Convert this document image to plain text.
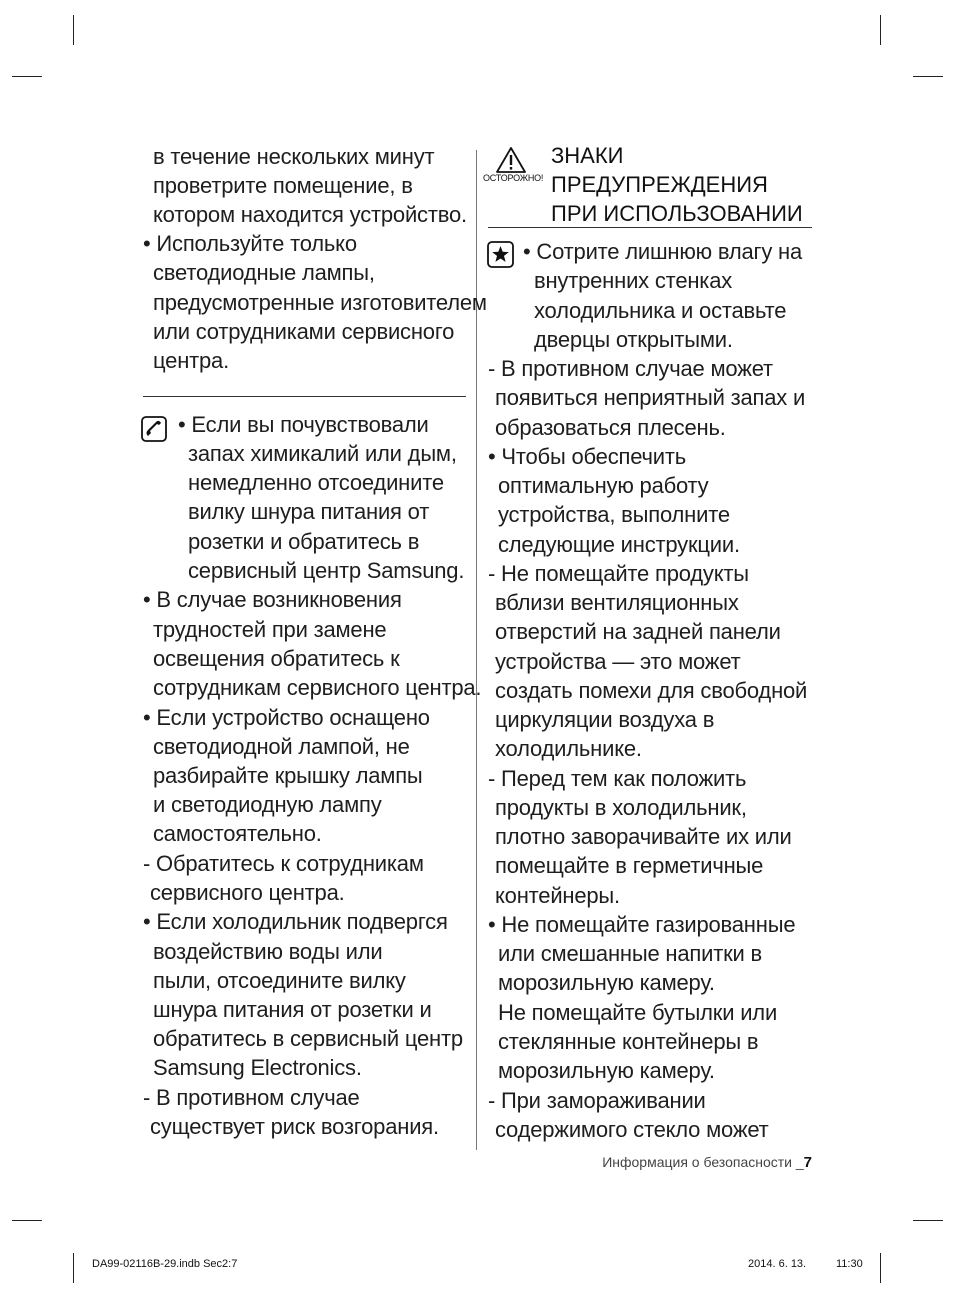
в течение нескольких минут
проветрите помещение, в
котором находится устройство.
• Используйте только
светодиодные лампы,
предусмотренные изготовителем
или сотрудниками сервисного
центра.
• Если вы почувствовали
запах химикалий или дым,
немедленно отсоедините
вилку шнура питания от
розетки и обратитесь в
сервисный центр Samsung.
• В случае возникновения
трудностей при замене
освещения обратитесь к
сотрудникам сервисного центра.
• Если устройство оснащено
светодиодной лампой, не
разбирайте крышку лампы
и светодиодную лампу
самостоятельно.
- Обратитесь к сотрудникам
сервисного центра.
• Если холодильник подвергся
воздействию воды или
пыли, отсоедините вилку
шнура питания от розетки и
обратитесь в сервисный центр
Samsung Electronics.
- В противном случае
существует риск возгорания.
ОСТОРОЖНО!
ЗНАКИ
ПРЕДУПРЕЖДЕНИЯ
ПРИ ИСПОЛЬЗОВАНИИ
• Сотрите лишнюю влагу на
внутренних стенках
холодильника и оставьте
дверцы открытыми.
- В противном случае может
появиться неприятный запах и
образоваться плесень.
• Чтобы обеспечить
оптимальную работу
устройства, выполните
следующие инструкции.
- Не помещайте продукты
вблизи вентиляционных
отверстий на задней панели
устройства — это может
создать помехи для свободной
циркуляции воздуха в
холодильнике.
- Перед тем как положить
продукты в холодильник,
плотно заворачивайте их или
помещайте в герметичные
контейнеры.
• Не помещайте газированные
или смешанные напитки в
морозильную камеру.
Не помещайте бутылки или
стеклянные контейнеры в
морозильную камеру.
- При замораживании
содержимого стекло может
Информация о безопасности _7
DA99-02116B-29.indb Sec2:7	2014. 6. 13.	11:30
